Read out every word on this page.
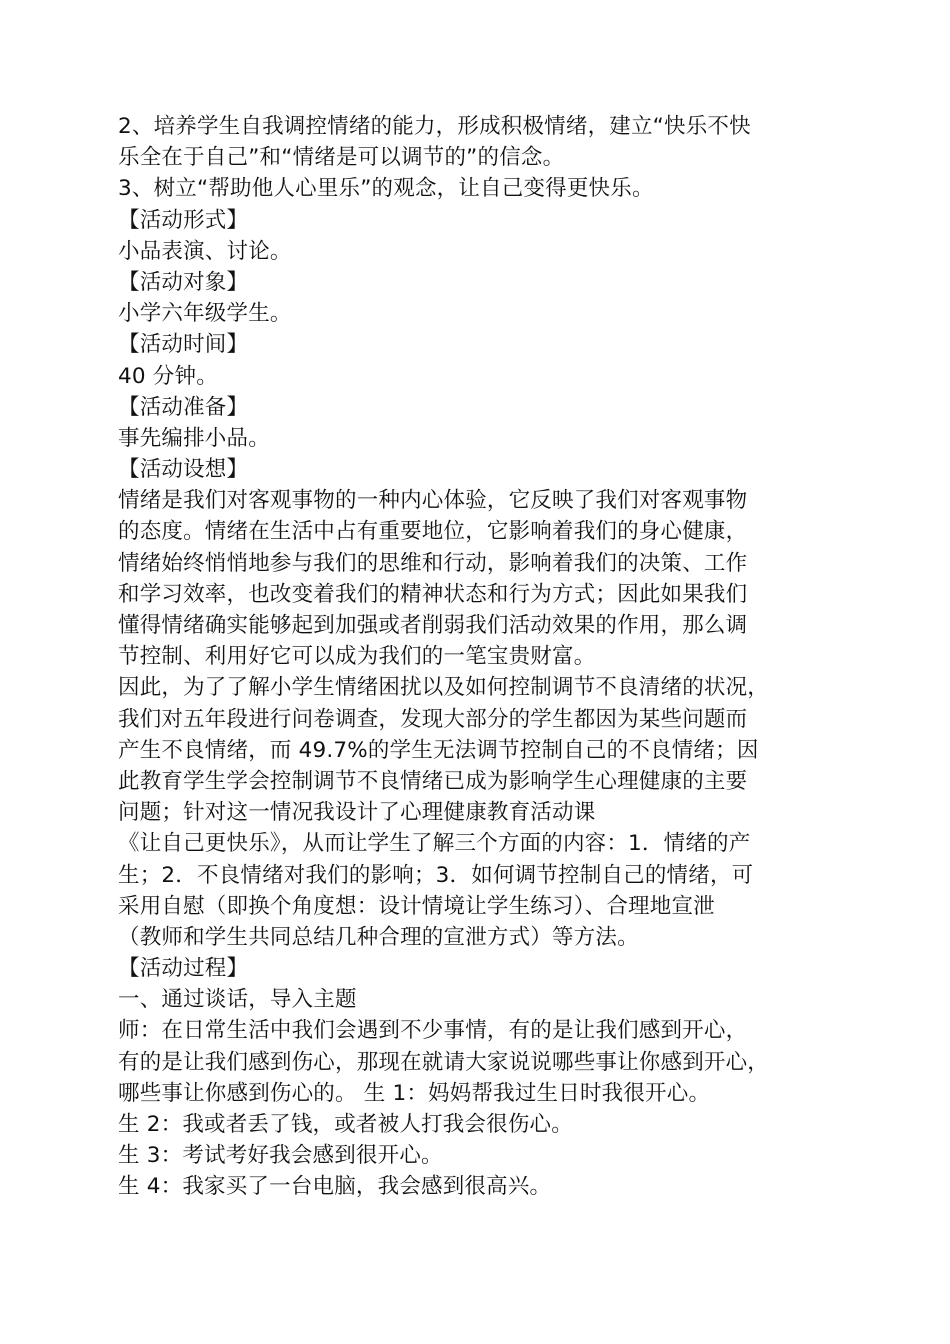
2、培养学生自我调控情绪的能力，形成积极情绪，建立“快乐不快
乐全在于自己”和“情绪是可以调节的”的信念。
3、树立“帮助他人心里乐”的观念，让自己变得更快乐。
【活动形式】
小品表演、讨论。
【活动对象】
小学六年级学生。
【活动时间】
40 分钟。
【活动准备】
事先编排小品。
【活动设想】
情绪是我们对客观事物的一种内心体验，它反映了我们对客观事物
的态度。情绪在生活中占有重要地位，它影响着我们的身心健康，
情绪始终悄悄地参与我们的思维和行动，影响着我们的决策、工作
和学习效率，也改变着我们的精神状态和行为方式；因此如果我们
懂得情绪确实能够起到加强或者削弱我们活动效果的作用，那么调
节控制、利用好它可以成为我们的一笔宝贵财富。
因此，为了了解小学生情绪困扰以及如何控制调节不良清绪的状况，
我们对五年段进行问卷调查，发现大部分的学生都因为某些问题而
产生不良情绪，而 49.7%的学生无法调节控制自己的不良情绪；因
此教育学生学会控制调节不良情绪已成为影响学生心理健康的主要
问题；针对这一情况我设计了心理健康教育活动课
《让自己更快乐》，从而让学生了解三个方面的内容：1．情绪的产
生；2．不良情绪对我们的影响；3．如何调节控制自己的情绪，可
采用自慰（即换个角度想：设计情境让学生练习）、合理地宣泄
（教师和学生共同总结几种合理的宣泄方式）等方法。
【活动过程】
一、通过谈话，导入主题
师：在日常生活中我们会遇到不少事情，有的是让我们感到开心，
有的是让我们感到伤心，那现在就请大家说说哪些事让你感到开心，
哪些事让你感到伤心的。 生 1：妈妈帮我过生日时我很开心。
生 2：我或者丢了钱，或者被人打我会很伤心。
生 3：考试考好我会感到很开心。
生 4：我家买了一台电脑，我会感到很高兴。
